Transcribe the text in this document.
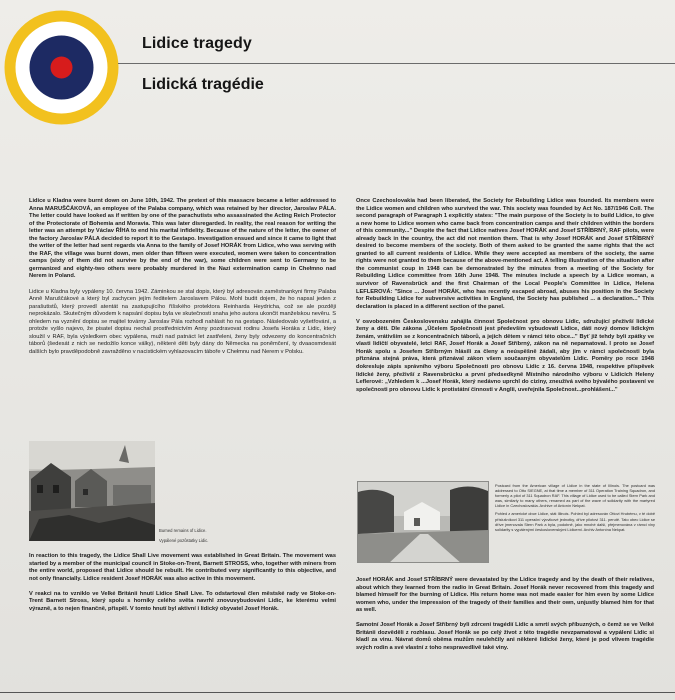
Lidice tragedy
Lidická tragédie

Lidice u Kladna were burnt down on June 10th, 1942. The pretext of this massacre became a letter addressed to Anna MARUŠČÁKOVÁ, an employee of the Palaba company, which was retained by her director, Jaroslav PÁLA. The letter could have looked as if written by one of the parachutists who assassinated the Acting Reich Protector of the Protectorate of Bohemia and Moravia. This was later disregarded. In reality, the real reason for writing the letter was an attempt by Václav ŘÍHA to end his marital infidelity. Because of the nature of the letter, the owner of the factory Jaroslav PÁLA decided to report it to the Gestapo. Investigation ensued and since it came to light that the writer of the letter had sent regards via Anna to the family of Josef HORÁK from Lidice, who was serving with the RAF, the village was burnt down, men older than fifteen were executed, women were taken to concentration camps (sixty of them did not survive by the end of the war), some children were sent to Germany to be germanized and eighty-two others were probably murdered in the Nazi extermination camp in Chełmno nad Nerem in Poland.

Lidice u Kladna byly vypáleny 10. června 1942. Záminkou se stal dopis, který byl adresován zaměstnankyni firmy Palaba Anně Maruščákové a který byl zachycen jejím ředitelem Jaroslavem Pálou. Mohl budit dojem, že ho napsal jeden z parašutistů, který provedl atentát na zastupujícího říšského protektora Reinharda Heydricha, což se ale později neprokázalo. Skutečným důvodem k napsání dopisu byla ve skutečnosti snaha jeho autora ukončit manželskou nevěru. S ohledem na vyznění dopisu se majitel továrny Jaroslav Pála rozhodl nahlásit ho na gestapo. Následovalo vyšetřování, a protože vyšlo najevo, že pisatel dopisu nechal prostřednictvím Anny pozdravovat rodinu Josefa Horáka z Lidic, který sloužil v RAF, byla výsledkem obec vypálena, muži nad patnáct let zastřeleni, ženy byly odvezeny do koncentračních táborů (šedesát z nich se nedožilo konce války), některé děti byly dány do Německa na poněmčení, ty dvaaosmdesát dalších bylo pravděpodobně zavražděno v nacistickém vyhlazovacím táboře v Chełmnu nad Nerem v Polsku.

Burned remains of Lidice.
Vypálené pozůstatky Lidic.

In reaction to this tragedy, the Lidice Shall Live movement was established in Great Britain. The movement was started by a member of the municipal council in Stoke-on-Trent, Barnett STROSS, who, together with miners from the entire world, proposed that Lidice should be rebuilt. He contributed very significantly to this objective, and not only financially. Lidice resident Josef HORÁK was also active in this movement.

V reakci na to vzniklo ve Velké Británii hnutí Lidice Shall Live. To odstartoval člen městské rady ve Stoke-on-Trent Barnett Stross, který spolu s horníky celého světa navrhl znovuvybudování Lidic, ke kterému velmi výrazně, a to nejen finančně, přispěl. V tomto hnutí byl aktivní i lidický obyvatel Josef Horák.

Once Czechoslovakia had been liberated, the Society for Rebuilding Lidice was founded. Its members were the Lidice women and children who survived the war. This society was founded by Act No. 187/1946 Coll. The second paragraph of Paragraph 1 explicitly states: "The main purpose of the Society is to build Lidice, to give a new home to Lidice women who came back from concentration camps and their children within the borders of this community..." Despite the fact that Lidice natives Josef HORÁK and Josef STŘÍBRNÝ, RAF pilots, were already back in the country, the act did not mention them. That is why Josef HORÁK and Josef STŘÍBRNÝ desired to become members of the society. Both of them asked to be granted the same rights that the act granted to all current residents of Lidice. While they were accepted as members of the society, the same rights were not granted to them because of the above-mentioned act. A telling illustration of the situation after the communist coup in 1948 can be demonstrated by the minutes from a meeting of the Society for Rebuilding Lidice committee from 16th June 1948. The minutes include a speech by a Lidice woman, a survivor of Ravensbrück and the first Chairman of the Local People's Committee in Lidice, Helena LEFLEROVÁ: "Since ... Josef HORÁK, who has recently escaped abroad, abuses his position in the Society for Rebuilding Lidice for subversive activities in England, the Society has published ... a declaration..." This declaration is placed in a different section of the panel.

V osvobozeném Československu zahájila činnost Společnost pro obnovu Lidic, sdružující přeživší lidické ženy a děti. Dle zákona „Účelem Společnosti jest především vybudovati Lidice, dáti nový domov lidickým ženám, vrátivším se z koncentračních táborů, a jejich dětem v rámci této obce..." Byť již tehdy byli zpátky ve vlasti lidičtí obyvatelé, letci RAF, Josef Horák a Josef Stříbrný, zákon na ně nepamatoval. I proto se Josef Horák spolu s Josefem Stříbrným hlásili za členy a neúspěšně žádali, aby jim v rámci společnosti byla přiznána stejná práva, která přiznával zákon všem současným obyvatelům Lidic. Poměry po roce 1948 dokresluje zápis správního výboru Společnosti pro obnovu Lidic z 16. června 1948, respektive příspěvek lidické ženy, přeživší z Ravensbrücku a první předsedkyně Místního národního výboru v Lidicích Heleny Leflerové: „Vzhledem k ...Josef Horák, který nedávno uprchl do ciziny, zneužívá svého bývalého postavení ve společnosti pro obnovu Lidic k protistátní činnosti v Anglii, uveřejnila Společnost...prohlášení..."

Postcard from the American village of Lidice in the state of Illinois. The postcard was addressed to Otto SIEGNE, at that time a member of 311 Operation Training Squadron, and formerly a pilot of 311 Squadron RAF. This village of Lidice used to be called Stern Park and was, similarly to many others, renamed as part of the wave of solidarity with the martyred Lidice in Czechoslovakia. Archive of Antonín Nekpat.

Pohled z americké obce Lidice, stát Illinois. Pohled byl adresován Ottovi Hrubému, v té době příslušníkovi 311 operační výcvikové jednotky, dříve pilotovi 311. perutě. Tato obec Lidice se dříve jmenovala Stern Park a byla, podobně, jako mnohé další, přejmenována v rámci vlny solidarity s vypálenými československými Lidicemi. Archiv Antonína Nekpat.

Josef HORÁK and Josef STŘÍBRNÝ were devastated by the Lidice tragedy and by the death of their relatives, about which they learned from the radio in Great Britain. Josef Horák never recovered from this tragedy and blamed himself for the burning of Lidice. His return home was not made easier for him even by some Lidice women who, under the impression of the tragedy of their families and their own, unjustly blamed him for that as well.

Samotní Josef Horák a Josef Stříbrný byli zdrceni tragédií Lidic a smrtí svých příbuzných, o čemž se ve Velké Británii dozvěděli z rozhlasu. Josef Horák se po celý život z této tragédie nevzpamatoval a vypálení Lidic si kladl za vinu. Návrat domů oběma mužům neulehčily ani některé lidické ženy, které je pod vlivem tragédie svých rodin a své vlastní z toho nespravedlivě také viny.
